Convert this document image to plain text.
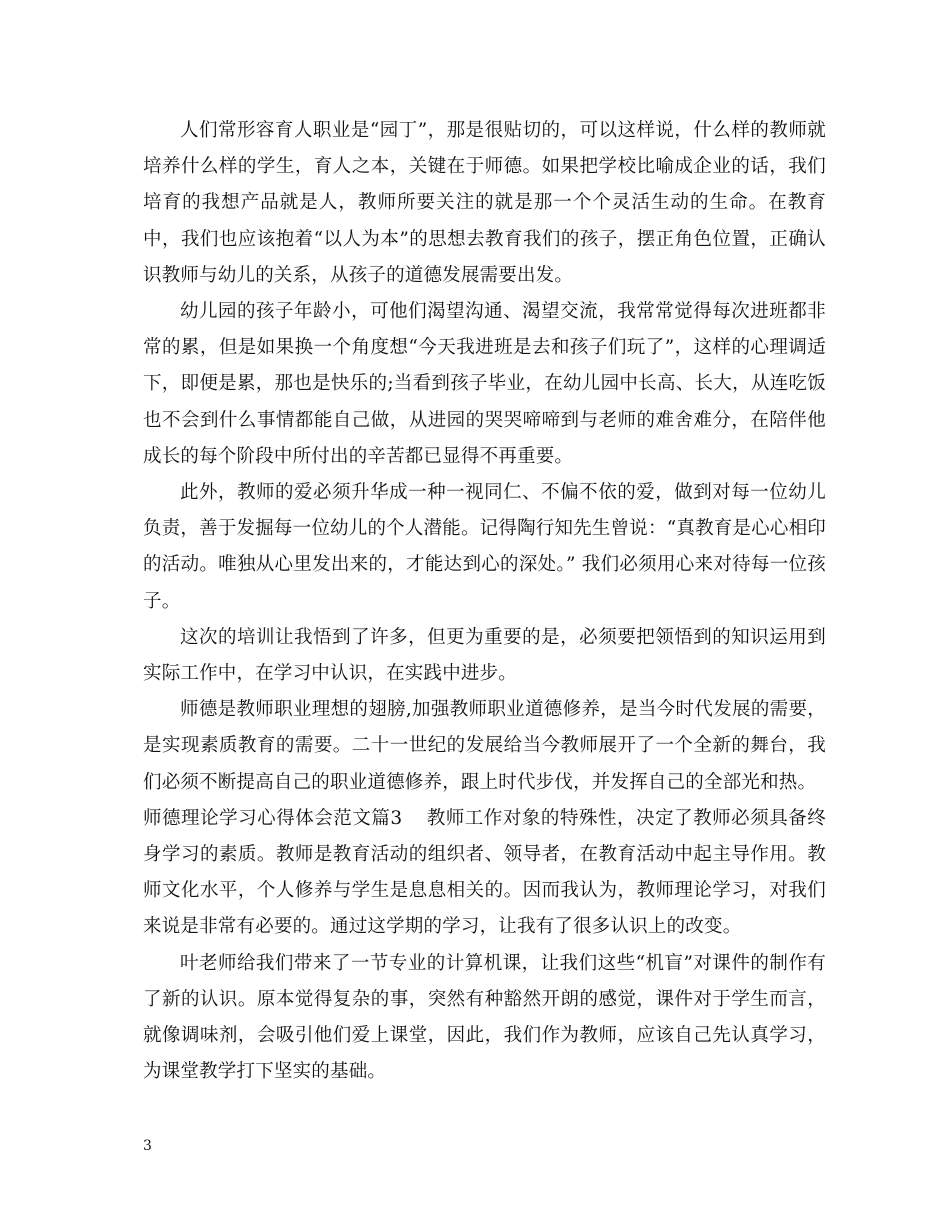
人们常形容育人职业是“园丁”，那是很贴切的，可以这样说，什么样的教师就培养什么样的学生，育人之本，关键在于师德。如果把学校比喻成企业的话，我们培育的我想产品就是人，教师所要关注的就是那一个个灵活生动的生命。在教育中，我们也应该抱着“以人为本”的思想去教育我们的孩子，摆正角色位置，正确认识教师与幼儿的关系，从孩子的道德发展需要出发。

幼儿园的孩子年龄小，可他们渴望沟通、渴望交流，我常常觉得每次进班都非常的累，但是如果换一个角度想“今天我进班是去和孩子们玩了”，这样的心理调适下，即便是累，那也是快乐的;当看到孩子毕业，在幼儿园中长高、长大，从连吃饭也不会到什么事情都能自己做，从进园的哭哭啼啼到与老师的难舍难分，在陪伴他成长的每个阶段中所付出的辛苦都已显得不再重要。

此外，教师的爱必须升华成一种一视同仁、不偏不依的爱，做到对每一位幼儿负责，善于发掘每一位幼儿的个人潜能。记得陶行知先生曾说：“真教育是心心相印的活动。唯独从心里发出来的，才能达到心的深处。” 我们必须用心来对待每一位孩子。

这次的培训让我悟到了许多，但更为重要的是，必须要把领悟到的知识运用到实际工作中，在学习中认识，在实践中进步。

师德是教师职业理想的翅膀,加强教师职业道德修养，是当今时代发展的需要，是实现素质教育的需要。二十一世纪的发展给当今教师展开了一个全新的舞台，我们必须不断提高自己的职业道德修养，跟上时代步伐，并发挥自己的全部光和热。

师德理论学习心得体会范文篇3 教师工作对象的特殊性，决定了教师必须具备终身学习的素质。教师是教育活动的组织者、领导者，在教育活动中起主导作用。教师文化水平，个人修养与学生是息息相关的。因而我认为，教师理论学习，对我们来说是非常有必要的。通过这学期的学习，让我有了很多认识上的改变。

叶老师给我们带来了一节专业的计算机课，让我们这些“机盲”对课件的制作有了新的认识。原本觉得复杂的事，突然有种豁然开朗的感觉，课件对于学生而言，就像调味剂，会吸引他们爱上课堂，因此，我们作为教师，应该自己先认真学习，为课堂教学打下坚实的基础。

3
